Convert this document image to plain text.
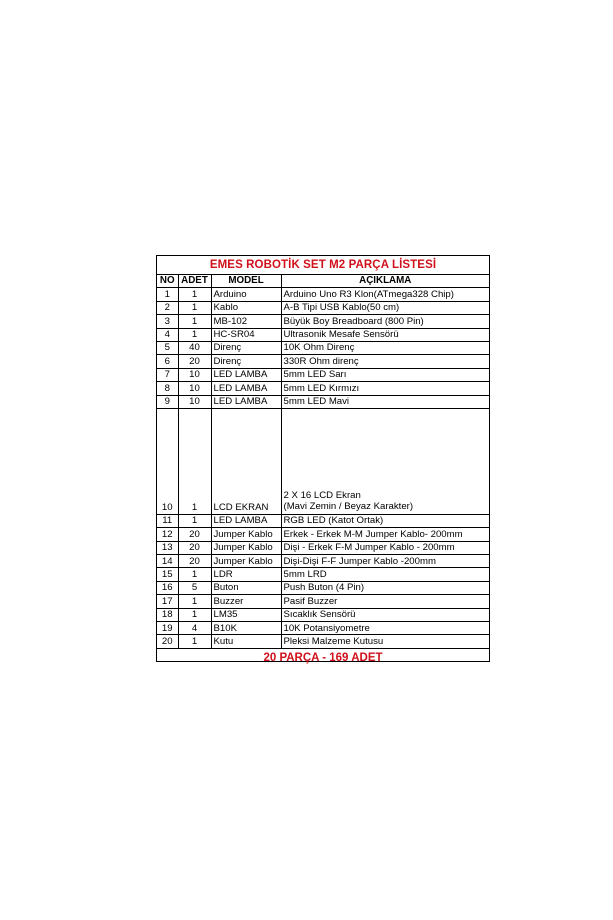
EMES ROBOTİK SET M2 PARÇA LİSTESİ
NO	ADET	MODEL	AÇIKLAMA
1	1	Arduino	Arduino Uno R3 Klon(ATmega328 Chip)
2	1	Kablo	A-B Tipi USB Kablo(50 cm)
3	1	MB-102	Büyük Boy Breadboard (800 Pin)
4	1	HC-SR04	Ultrasonik Mesafe Sensörü
5	40	Direnç	10K Ohm Direnç
6	20	Direnç	330R Ohm direnç
7	10	LED LAMBA	5mm LED Sarı
8	10	LED LAMBA	5mm LED Kırmızı
9	10	LED LAMBA	5mm LED Mavi
10	1	LCD EKRAN	2 X 16 LCD Ekran
(Mavi Zemin / Beyaz Karakter)

11	1	LED LAMBA	RGB LED (Katot Ortak)
12	20	Jumper Kablo	Erkek - Erkek M-M Jumper Kablo- 200mm
13	20	Jumper Kablo	Dişi - Erkek F-M Jumper Kablo - 200mm
14	20	Jumper Kablo	Dişi-Dişi F-F Jumper Kablo -200mm
15	1	LDR	5mm LRD
16	5	Buton	Push Buton (4 Pin)
17	1	Buzzer	Pasif Buzzer
18	1	LM35	Sıcaklık Sensörü
19	4	B10K	10K Potansiyometre
20	1	Kutu	Pleksi Malzeme Kutusu

20 PARÇA - 169 ADET			
